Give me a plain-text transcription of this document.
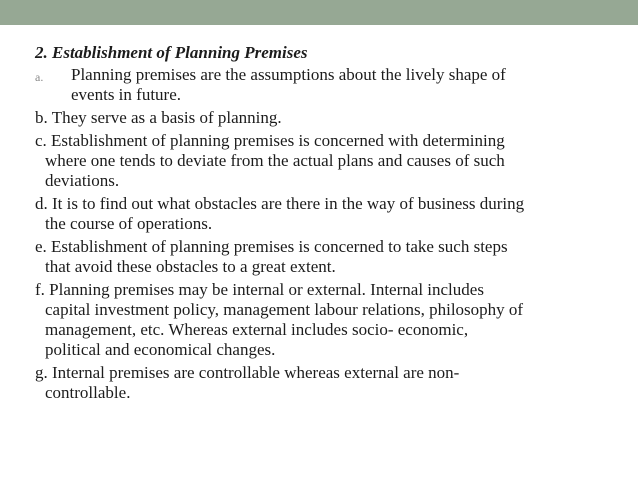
2. Establishment of Planning Premises
a.	Planning premises are the assumptions about the lively shape of
events in future.
b. They serve as a basis of planning.
c. Establishment of planning premises is concerned with determining
where one tends to deviate from the actual plans and causes of such
deviations.
d. It is to find out what obstacles are there in the way of business during
the course of operations.
e. Establishment of planning premises is concerned to take such steps
that avoid these obstacles to a great extent.
f. Planning premises may be internal or external. Internal includes
capital investment policy, management labour relations, philosophy of
management, etc. Whereas external includes socio- economic,
political and economical changes.
g. Internal premises are controllable whereas external are non-
controllable.
